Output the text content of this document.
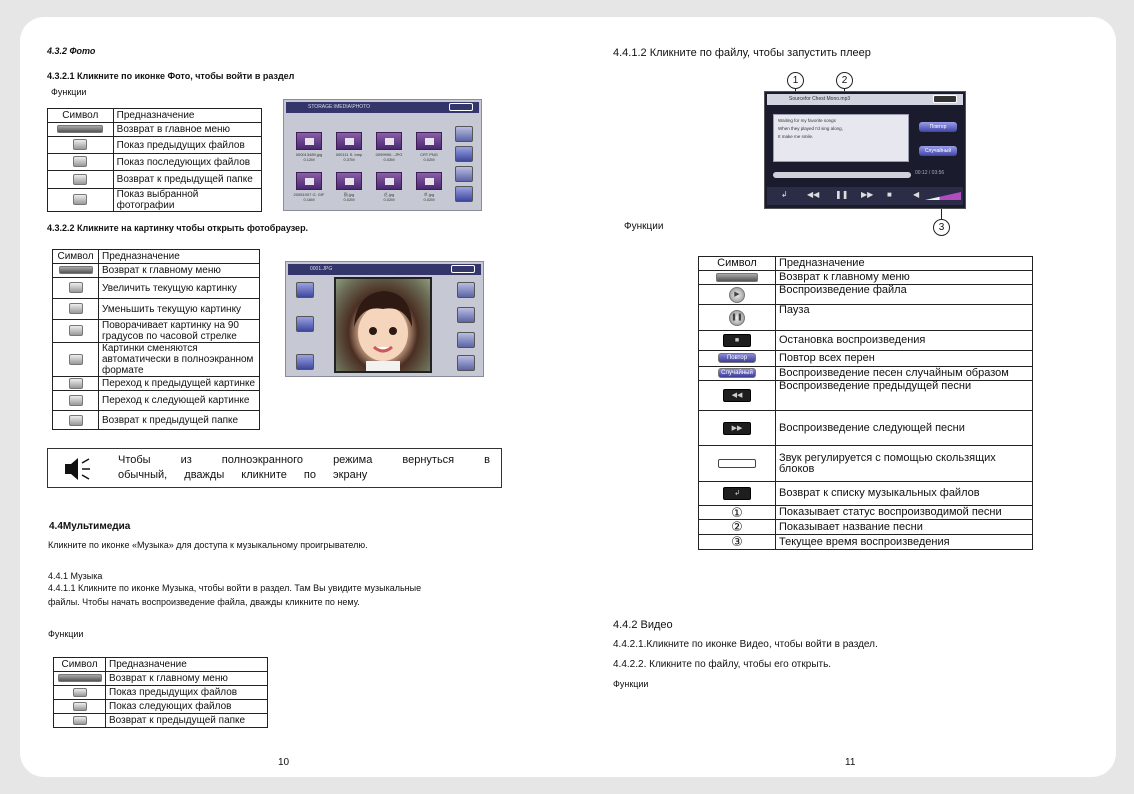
4.3.2 Фото
4.3.2.1 Кликните по иконке Фото, чтобы войти в раздел
Функции
Символ	Предназначение
	Возврат в главное меню
	Показ предыдущих файлов
	Показ последующих файлов
	Возврат к предыдущей папке
	Показ выбранной фотографии
STORAGE:\MEDIA\PHOTO
000013489.jpg
0.12M
000111 S. bmp
0.37M
0099990...JPG
0.03M
CRT PNG
0.02M
20051007 G. GIF
0.16M
猫.jpg
0.02M
花.jpg
0.02M
草.jpg
0.02M
4.3.2.2 Кликните на картинку чтобы открыть фотобраузер.
Символ	Предназначение
	Возврат к главному меню
	Увеличить текущую картинку
	Уменьшить текущую картинку
	Поворачивает картинку на 90 градусов по часовой стрелке
	Картинки сменяются автоматически в полноэкранном формате
	Переход к предыдущей картинке
	Переход к следующей картинке
	Возврат к предыдущей папке
0001.JPG
Чтобы из полноэкранного режима вернуться в обычный, дважды кликните по экрану
4.4Мультимедиа
Кликните по иконке «Музыка» для доступа к музыкальному проигрывателю.
4.4.1 Музыка
4.4.1.1 Кликните по иконке Музыка, чтобы войти в раздел. Там Вы увидите музыкальные
файлы. Чтобы начать воспроизведение файла, дважды кликните по нему.
Функции
Символ	Предназначение
	Возврат к главному меню
	Показ предыдущих файлов
	Показ следующих файлов
	Возврат к предыдущей папке
10
4.4.1.2 Кликните по файлу, чтобы запустить плеер
1	2
3
Sourcefor Chest Mono.mp3
Waiting for my favorite songs
When they played I'd sing along,
It make me smile.
Повтор
Случайный
00:12 / 03:56
↲ ◀◀ ❚❚ ▶▶ ■	◀
Функции
Символ	Предназначение
	Возврат к главному меню
▶	Воспроизведение файла
❚❚	Пауза
■	Остановка воспроизведения
Повтор	Повтор всех перен
Случайный	Воспроизведение песен случайным образом
◀◀	Воспроизведение предыдущей песни
▶▶	Воспроизведение следующей песни
	Звук регулируется с помощью скользящих блоков
↲	Возврат к списку музыкальных файлов
①	Показывает статус воспроизводимой песни
②	Показывает название песни
③	Текущее время воспроизведения
4.4.2 Видео
4.4.2.1.Кликните по иконке Видео, чтобы войти в раздел.
4.4.2.2. Кликните по файлу, чтобы его открыть.
Функции
11
